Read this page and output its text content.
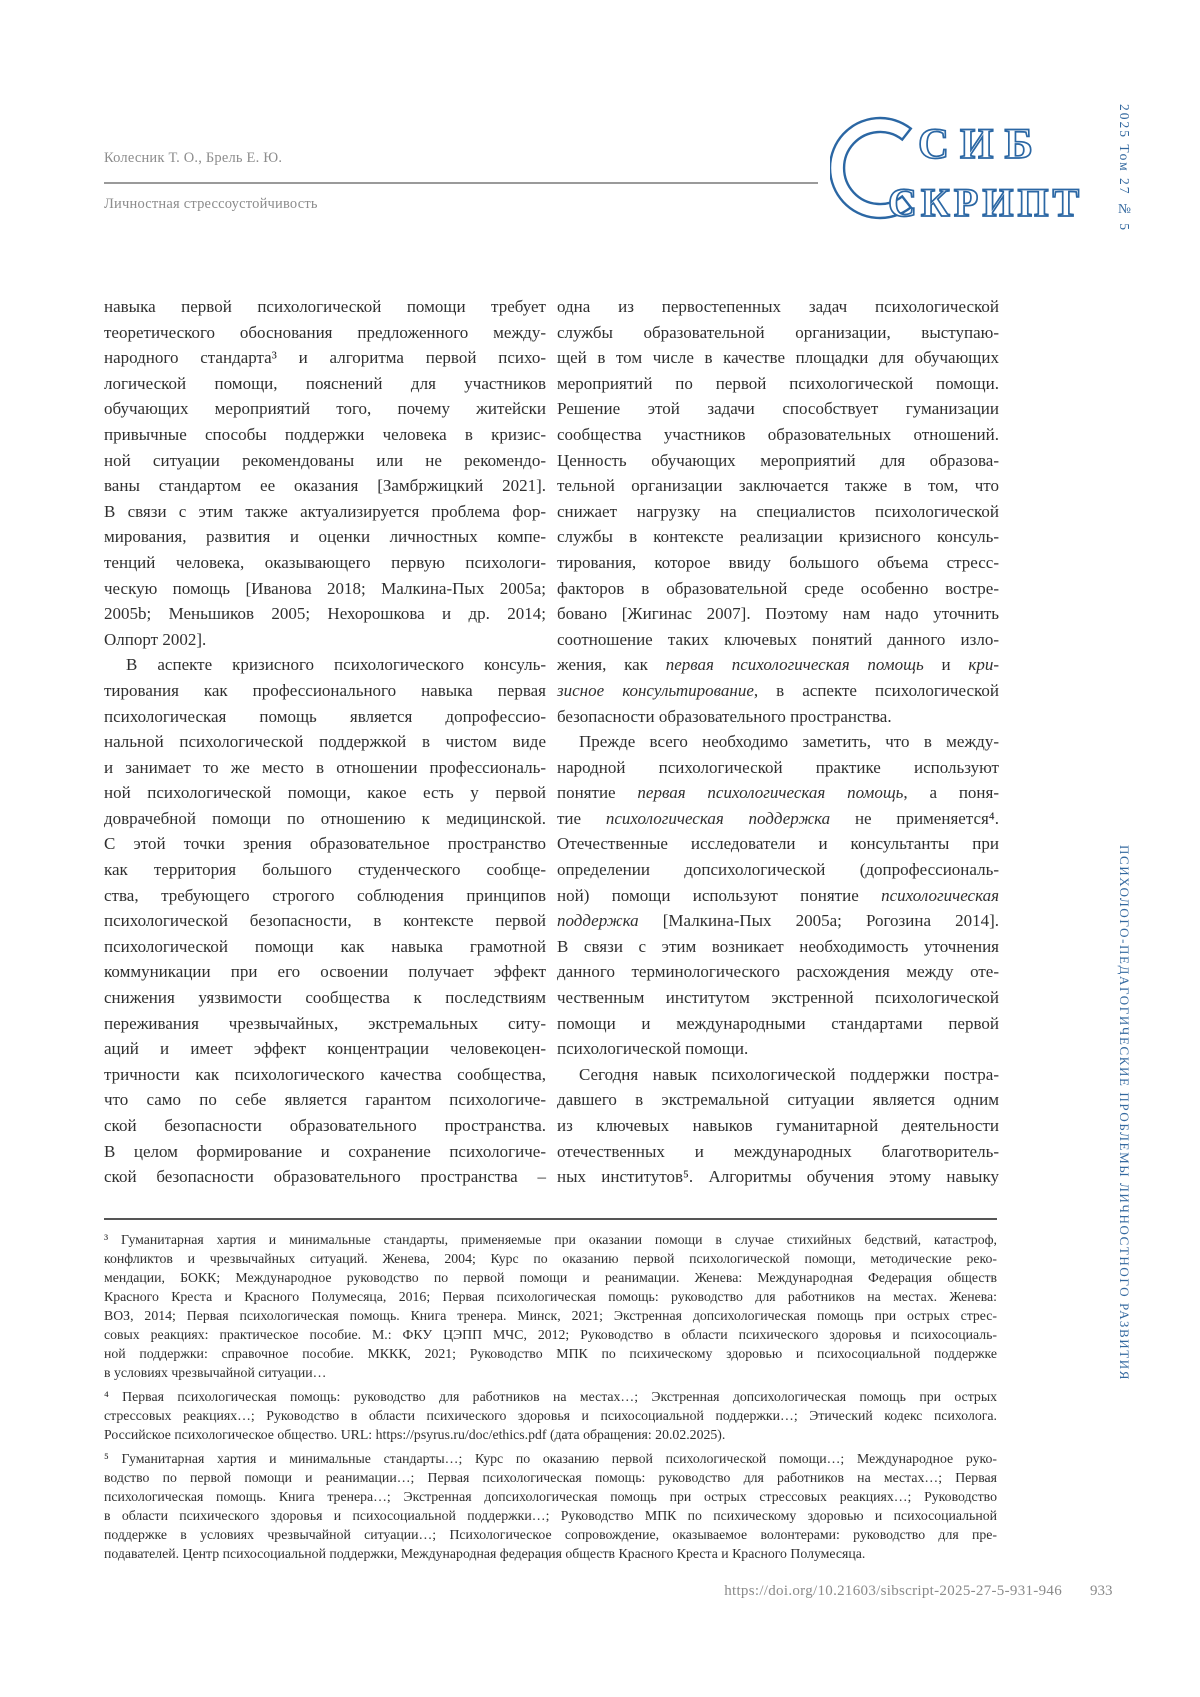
Колесник Т. О., Брель Е. Ю.
Личностная стрессоустойчивость
СИБ
СКРИПТ	2025 Том 27 № 5
ПСИХОЛОГО-ПЕДАГОГИЧЕСКИЕ ПРОБЛЕМЫ ЛИЧНОСТНОГО РАЗВИТИЯ
навыка первой психологической помощи требует
теоретического обоснования предложенного между-
народного стандарта³ и алгоритма первой психо-
логической помощи, пояснений для участников
обучающих мероприятий того, почему житейски
привычные способы поддержки человека в кризис-
ной ситуации рекомендованы или не рекомендо-
ваны стандартом ее оказания [Замбржицкий 2021].
В связи с этим также актуализируется проблема фор-
мирования, развития и оценки личностных компе-
тенций человека, оказывающего первую психологи-
ческую помощь [Иванова 2018; Малкина-Пых 2005a;
2005b; Меньшиков 2005; Нехорошкова и др. 2014;
Олпорт 2002].
В аспекте кризисного психологического консуль-
тирования как профессионального навыка первая
психологическая помощь является допрофессио-
нальной психологической поддержкой в чистом виде
и занимает то же место в отношении профессиональ-
ной психологической помощи, какое есть у первой
доврачебной помощи по отношению к медицинской.
С этой точки зрения образовательное пространство
как территория большого студенческого сообще-
ства, требующего строгого соблюдения принципов
психологической безопасности, в контексте первой
психологической помощи как навыка грамотной
коммуникации при его освоении получает эффект
снижения уязвимости сообщества к последствиям
переживания чрезвычайных, экстремальных ситу-
аций и имеет эффект концентрации человекоцен-
тричности как психологического качества сообщества,
что само по себе является гарантом психологиче-
ской безопасности образовательного пространства.
В целом формирование и сохранение психологиче-
ской безопасности образовательного пространства –
одна из первостепенных задач психологической
службы образовательной организации, выступаю-
щей в том числе в качестве площадки для обучающих
мероприятий по первой психологической помощи.
Решение этой задачи способствует гуманизации
сообщества участников образовательных отношений.
Ценность обучающих мероприятий для образова-
тельной организации заключается также в том, что
снижает нагрузку на специалистов психологической
службы в контексте реализации кризисного консуль-
тирования, которое ввиду большого объема стресс-
факторов в образовательной среде особенно востре-
бовано [Жигинас 2007]. Поэтому нам надо уточнить
соотношение таких ключевых понятий данного изло-
жения, как первая психологическая помощь и кри-
зисное консультирование, в аспекте психологической
безопасности образовательного пространства.
Прежде всего необходимо заметить, что в между-
народной психологической практике используют
понятие первая психологическая помощь, а поня-
тие психологическая поддержка не применяется⁴.
Отечественные исследователи и консультанты при
определении допсихологической (допрофессиональ-
ной) помощи используют понятие психологическая
поддержка [Малкина-Пых 2005а; Рогозина 2014].
В связи с этим возникает необходимость уточнения
данного терминологического расхождения между оте-
чественным институтом экстренной психологической
помощи и международными стандартами первой
психологической помощи.
Сегодня навык психологической поддержки постра-
давшего в экстремальной ситуации является одним
из ключевых навыков гуманитарной деятельности
отечественных и международных благотворитель-
ных институтов⁵. Алгоритмы обучения этому навыку
³ Гуманитарная хартия и минимальные стандарты, применяемые при оказании помощи в случае стихийных бедствий, катастроф,
конфликтов и чрезвычайных ситуаций. Женева, 2004; Курс по оказанию первой психологической помощи, методические реко-
мендации, БОКК; Международное руководство по первой помощи и реанимации. Женева: Международная Федерация обществ
Красного Креста и Красного Полумесяца, 2016; Первая психологическая помощь: руководство для работников на местах. Женева:
ВОЗ, 2014; Первая психологическая помощь. Книга тренера. Минск, 2021; Экстренная допсихологическая помощь при острых стрес-
совых реакциях: практическое пособие. М.: ФКУ ЦЭПП МЧС, 2012; Руководство в области психического здоровья и психосоциаль-
ной поддержки: справочное пособие. МККК, 2021; Руководство МПК по психическому здоровью и психосоциальной поддержке
в условиях чрезвычайной ситуации…
⁴ Первая психологическая помощь: руководство для работников на местах…; Экстренная допсихологическая помощь при острых
стрессовых реакциях…; Руководство в области психического здоровья и психосоциальной поддержки…; Этический кодекс психолога.
Российское психологическое общество. URL: https://psyrus.ru/doc/ethics.pdf (дата обращения: 20.02.2025).
⁵ Гуманитарная хартия и минимальные стандарты…; Курс по оказанию первой психологической помощи…; Международное руко-
водство по первой помощи и реанимации…; Первая психологическая помощь: руководство для работников на местах…; Первая
психологическая помощь. Книга тренера…; Экстренная допсихологическая помощь при острых стрессовых реакциях…; Руководство
в области психического здоровья и психосоциальной поддержки…; Руководство МПК по психическому здоровью и психосоциальной
поддержке в условиях чрезвычайной ситуации…; Психологическое сопровождение, оказываемое волонтерами: руководство для пре-
подавателей. Центр психосоциальной поддержки, Международная федерация обществ Красного Креста и Красного Полумесяца.
https://doi.org/10.21603/sibscript-2025-27-5-931-946 933
